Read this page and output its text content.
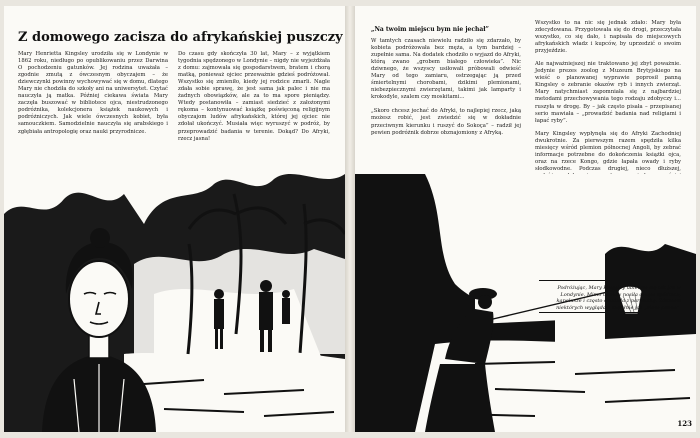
Z domowego zacisza do afrykańskiej puszczy

Mary Henrietta Kingsley urodziła się w Londynie w 1862 roku, niedługo po opublikowaniu przez Darwina O pochodzeniu gatunków. Jej rodzina uważała – zgodnie zmutą z ówczesnym obyczajem – że dziewczynki powinny wychowywać się w domu, dlatego Mary nie chodziła do szkoły ani na uniwersytet. Czytać nauczyła ją matka. Później ciekawa świata Mary zaczęła buszować w bibliotece ojca, niestrudzonego podróżnika, kolekcjonera książek naukowych i podróżniczych. Jak wiele ówczesnych kobiet, była samouczkiem. Samodzielnie nauczyła się arabskiego i zgłębiała antropologię oraz nauki przyrodnicze.

Do czasu gdy skończyła 30 lat, Mary – z wyjątkiem tygodnia spędzonego w Londynie – nigdy nie wyjeżdżała z domu: zajmowała się gospodarstwem, bratem i chorą matką, ponieważ ojciec przeważnie gdzieś podróżował. Wszystko się zmieniło, kiedy jej rodzice zmarli. Nagle zdała sobie sprawę, że jest sama jak palec i nie ma żadnych obowiązków, ale za to ma spore pieniądzy. Wtedy postanowiła – zamiast siedzieć z założonymi rękoma – kontynuować książkę poświęconą religijnym obyczajom ludów afrykańskich, której jej ojciec nie zdołał ukończyć. Musiała więc wyruszyć w podróż, by przeprowadzić badania w terenie. Dokąd? Do Afryki, rzecz jasna!

„Na twoim miejscu bym nie jechał”

W tamtych czasach niewielu radziło się zdarzało, by kobieta podróżowała bez męża, a tym bardziej – zupełnie sama. Na dodatek chodziło o wyjazd do Afryki, którą zwano „grobem białego człowieka”. Nic dziwnego, że wszyscy usiłowali próbowali odwieść Mary od tego zamiaru, ostrzegając ją przed śmiertelnymi chorobami, dzikimi plemionami, niebezpiecznymi zwierzętami, takimi jak lamparty i krokodyle, szalem czy moskitami...

„Skoro chcesz jechać do Afryki, to najlepiej rzecz, jaką możesz robić, jest zwiedzić się w dokładnie przeciwnym kierunku i ruszyć do Sokoça” – radził jej pewien podróżnik dobrze obznajomiony z Afryką.

Wszystko to na nic się jednak zdało: Mary była zdecydowana. Przygotowała się do drogi, przeczytała wszystko, co się dało, i napisała do miejscowych afrykańskich władz i kupców, by uprzedzić o swoim przyjeździe.

Ale najważniejszej nie traktowano jej zbyt poważnie. Jedynie prezes zoolog z Muzeum Brytyjskiego na wieść o planowanej wyprawie poprosił panną Kingsley o zebranie okazów ryb i innych zwierząt. Mary natychmiast zapomniała się z najbardziej metodami przechowywania tego rodzaju zdobyczy i... ruszyła w drogę. By – jak często pisała – przepisanej serio mawiała – „prowadzić badania nad religiami i łapać ryby”.

Mary Kingsley wypłynęła się do Afryki Zachodniej dwukrotnie. Za pierwszym razem spędziła kilka miesięcy wśród plemion północnej Angoli, by zebrać informacje potrzebne do dokończenia książki ojca, oraz na rzece Kongo, gdzie łapała owady i ryby słodkowodne. Podczas drugiej, nieco dłuższej,

Podróżując, Mary Kingsley ubierała się tak jak w Londynie. Mimo upałów nosiła długie spódnice, kapelusze i często chodziła z parasolką. Zdaniem niektórych wyglądała zupełnie jak „stara panna”.
123
